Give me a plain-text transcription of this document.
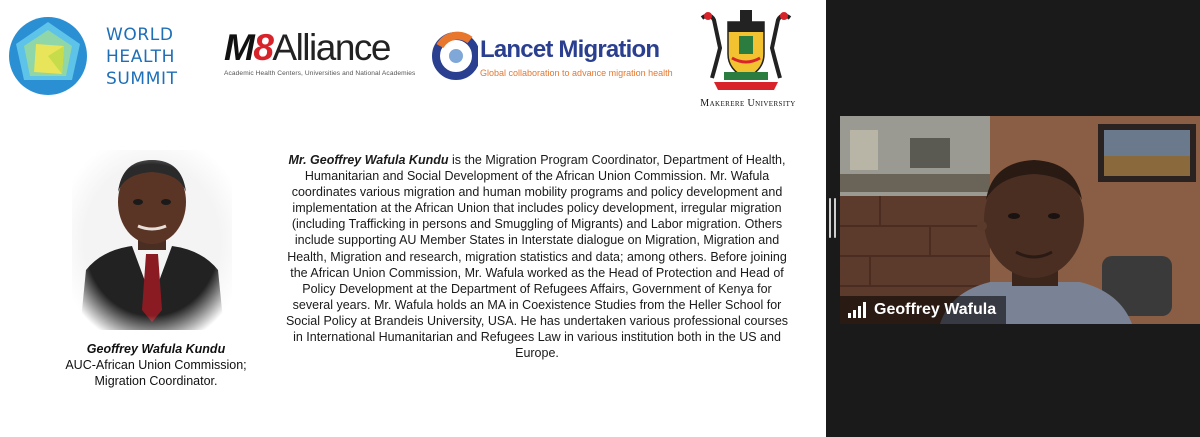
WORLD
HEALTH
SUMMIT
M8Alliance
Academic Health Centers, Universities and National Academies
Lancet Migration
Global collaboration to advance migration health
Makerere University
Geoffrey Wafula Kundu
AUC-African Union Commission;
Migration Coordinator.
Mr. Geoffrey Wafula Kundu is the Migration Program Coordinator, Department of Health, Humanitarian and Social Development of the African Union Commission. Mr. Wafula coordinates various migration and human mobility programs and policy development and implementation at the African Union that includes policy development, irregular migration (including Trafficking in persons and Smuggling of Migrants) and Labor migration. Others include supporting AU Member States in Interstate dialogue on Migration, Migration and Health, Migration and research, migration statistics and data; among others. Before joining the African Union Commission, Mr. Wafula worked as the Head of Protection and Head of Policy Development at the Department of Refugees Affairs, Government of Kenya for several years. Mr. Wafula holds an MA in Coexistence Studies from the Heller School for Social Policy at Brandeis University, USA. He has undertaken various professional courses in International Humanitarian and Refugees Law in various institution both in the US and Europe.
Geoffrey Wafula
